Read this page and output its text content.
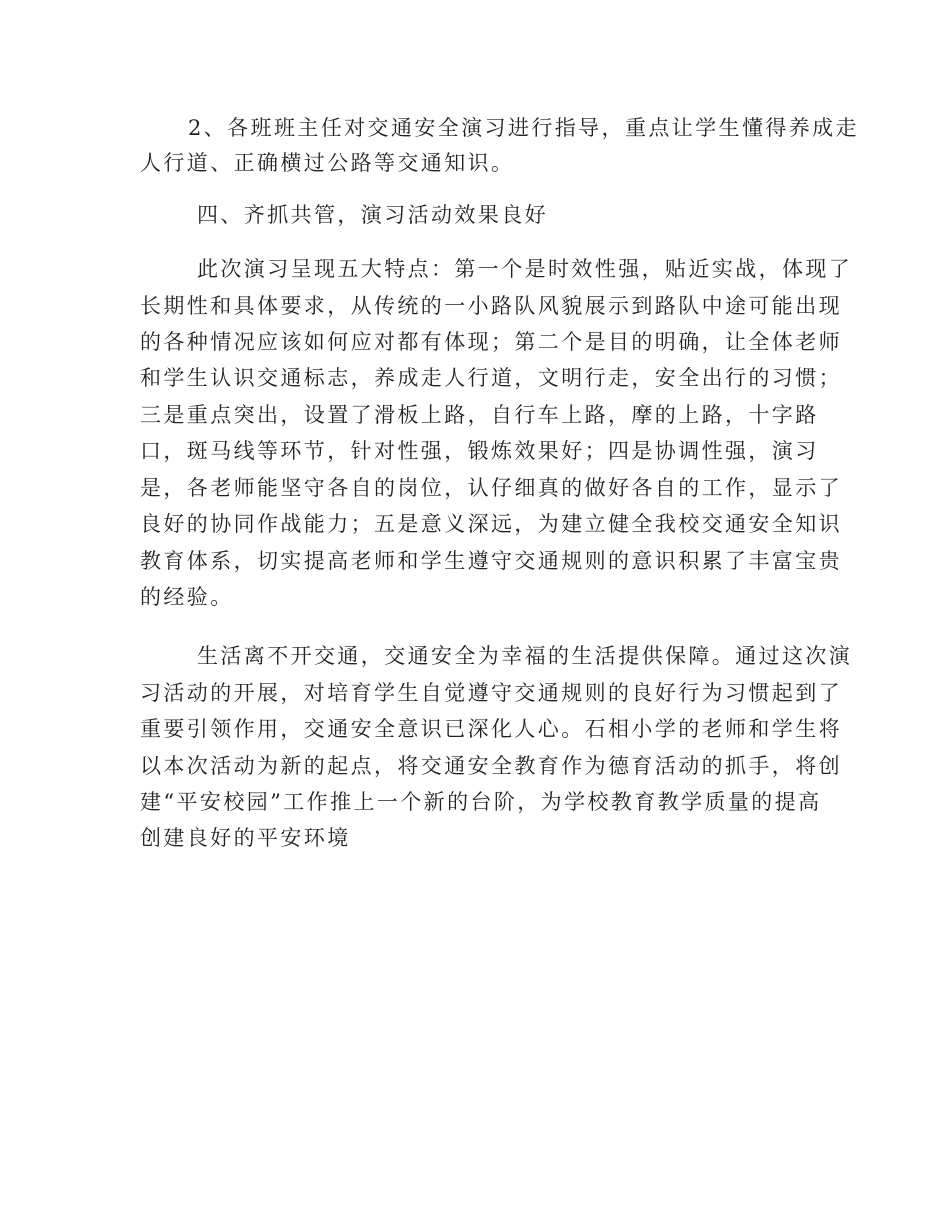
2、各班班主任对交通安全演习进行指导，重点让学生懂得养成走
人行道、正确横过公路等交通知识。
四、齐抓共管，演习活动效果良好
此次演习呈现五大特点：第一个是时效性强，贴近实战，体现了
长期性和具体要求，从传统的一小路队风貌展示到路队中途可能出现
的各种情况应该如何应对都有体现；第二个是目的明确，让全体老师
和学生认识交通标志，养成走人行道，文明行走，安全出行的习惯；
三是重点突出，设置了滑板上路，自行车上路，摩的上路，十字路
口，斑马线等环节，针对性强，锻炼效果好；四是协调性强，演习
是，各老师能坚守各自的岗位，认仔细真的做好各自的工作，显示了
良好的协同作战能力；五是意义深远，为建立健全我校交通安全知识
教育体系，切实提高老师和学生遵守交通规则的意识积累了丰富宝贵
的经验。
生活离不开交通，交通安全为幸福的生活提供保障。通过这次演
习活动的开展，对培育学生自觉遵守交通规则的良好行为习惯起到了
重要引领作用，交通安全意识已深化人心。石相小学的老师和学生将
以本次活动为新的起点，将交通安全教育作为德育活动的抓手，将创
建“平安校园”工作推上一个新的台阶，为学校教育教学质量的提高
创建良好的平安环境
